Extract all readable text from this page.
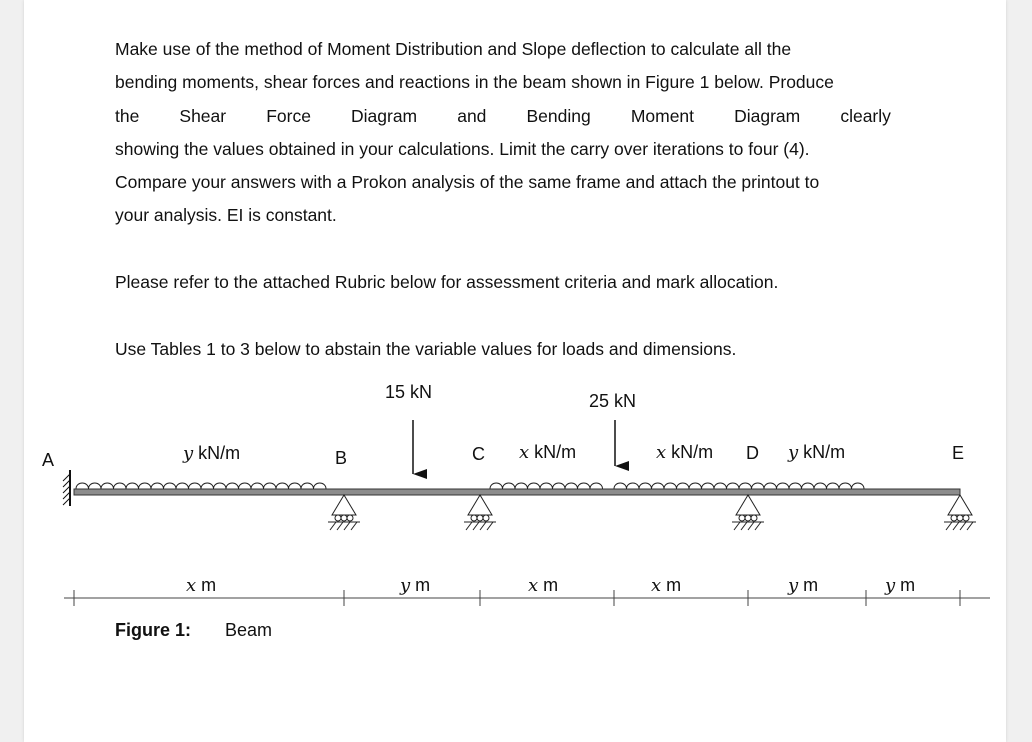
Make use of the method of Moment Distribution and Slope deflection to calculate all the
bending moments, shear forces and reactions in the beam shown in Figure 1 below. Produce
the Shear Force Diagram and Bending Moment Diagram clearly
showing the values obtained in your calculations. Limit the carry over iterations to four (4).
Compare your answers with a Prokon analysis of the same frame and attach the printout to
your analysis. EI is constant.
Please refer to the attached Rubric below for assessment criteria and mark allocation.
Use Tables 1 to 3 below to abstain the variable values for loads and dimensions.
15 kN	25 kN
A	B	C	D	E
y kN/m	x kN/m	x kN/m	y kN/m
x m	y m	x m	x m	y m	y m
Figure 1: Beam
